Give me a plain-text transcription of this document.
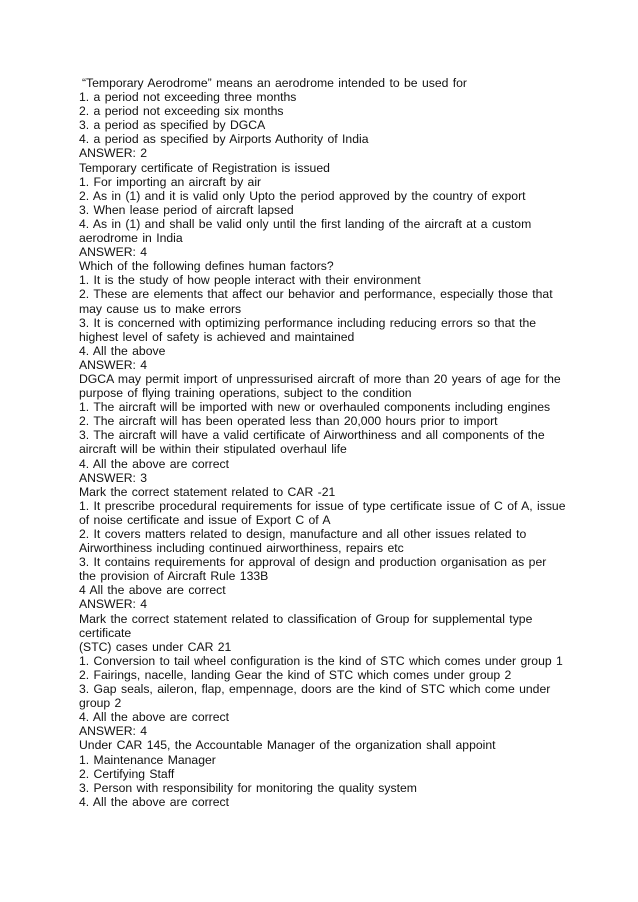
“Temporary Aerodrome” means an aerodrome intended to be used for
1. a period not exceeding three months
2. a period not exceeding six months
3. a period as specified by DGCA
4. a period as specified by Airports Authority of India
ANSWER: 2
Temporary certificate of Registration is issued
1. For importing an aircraft by air
2. As in (1) and it is valid only Upto the period approved by the country of export
3. When lease period of aircraft lapsed
4. As in (1) and shall be valid only until the first landing of the aircraft at a custom
aerodrome in India
ANSWER: 4
Which of the following defines human factors?
1. It is the study of how people interact with their environment
2. These are elements that affect our behavior and performance, especially those that
may cause us to make errors
3. It is concerned with optimizing performance including reducing errors so that the
highest level of safety is achieved and maintained
4. All the above
ANSWER: 4
DGCA may permit import of unpressurised aircraft of more than 20 years of age for the
purpose of flying training operations, subject to the condition
1. The aircraft will be imported with new or overhauled components including engines
2. The aircraft will has been operated less than 20,000 hours prior to import
3. The aircraft will have a valid certificate of Airworthiness and all components of the
aircraft will be within their stipulated overhaul life
4. All the above are correct
ANSWER: 3
Mark the correct statement related to CAR -21
1. It prescribe procedural requirements for issue of type certificate issue of C of A, issue
of noise certificate and issue of Export C of A
2. It covers matters related to design, manufacture and all other issues related to
Airworthiness including continued airworthiness, repairs etc
3. It contains requirements for approval of design and production organisation as per
the provision of Aircraft Rule 133B
4 All the above are correct
ANSWER: 4
Mark the correct statement related to classification of Group for supplemental type
certificate
(STC) cases under CAR 21
1. Conversion to tail wheel configuration is the kind of STC which comes under group 1
2. Fairings, nacelle, landing Gear the kind of STC which comes under group 2
3. Gap seals, aileron, flap, empennage, doors are the kind of STC which come under
group 2
4. All the above are correct
ANSWER: 4
Under CAR 145, the Accountable Manager of the organization shall appoint
1. Maintenance Manager
2. Certifying Staff
3. Person with responsibility for monitoring the quality system
4. All the above are correct
